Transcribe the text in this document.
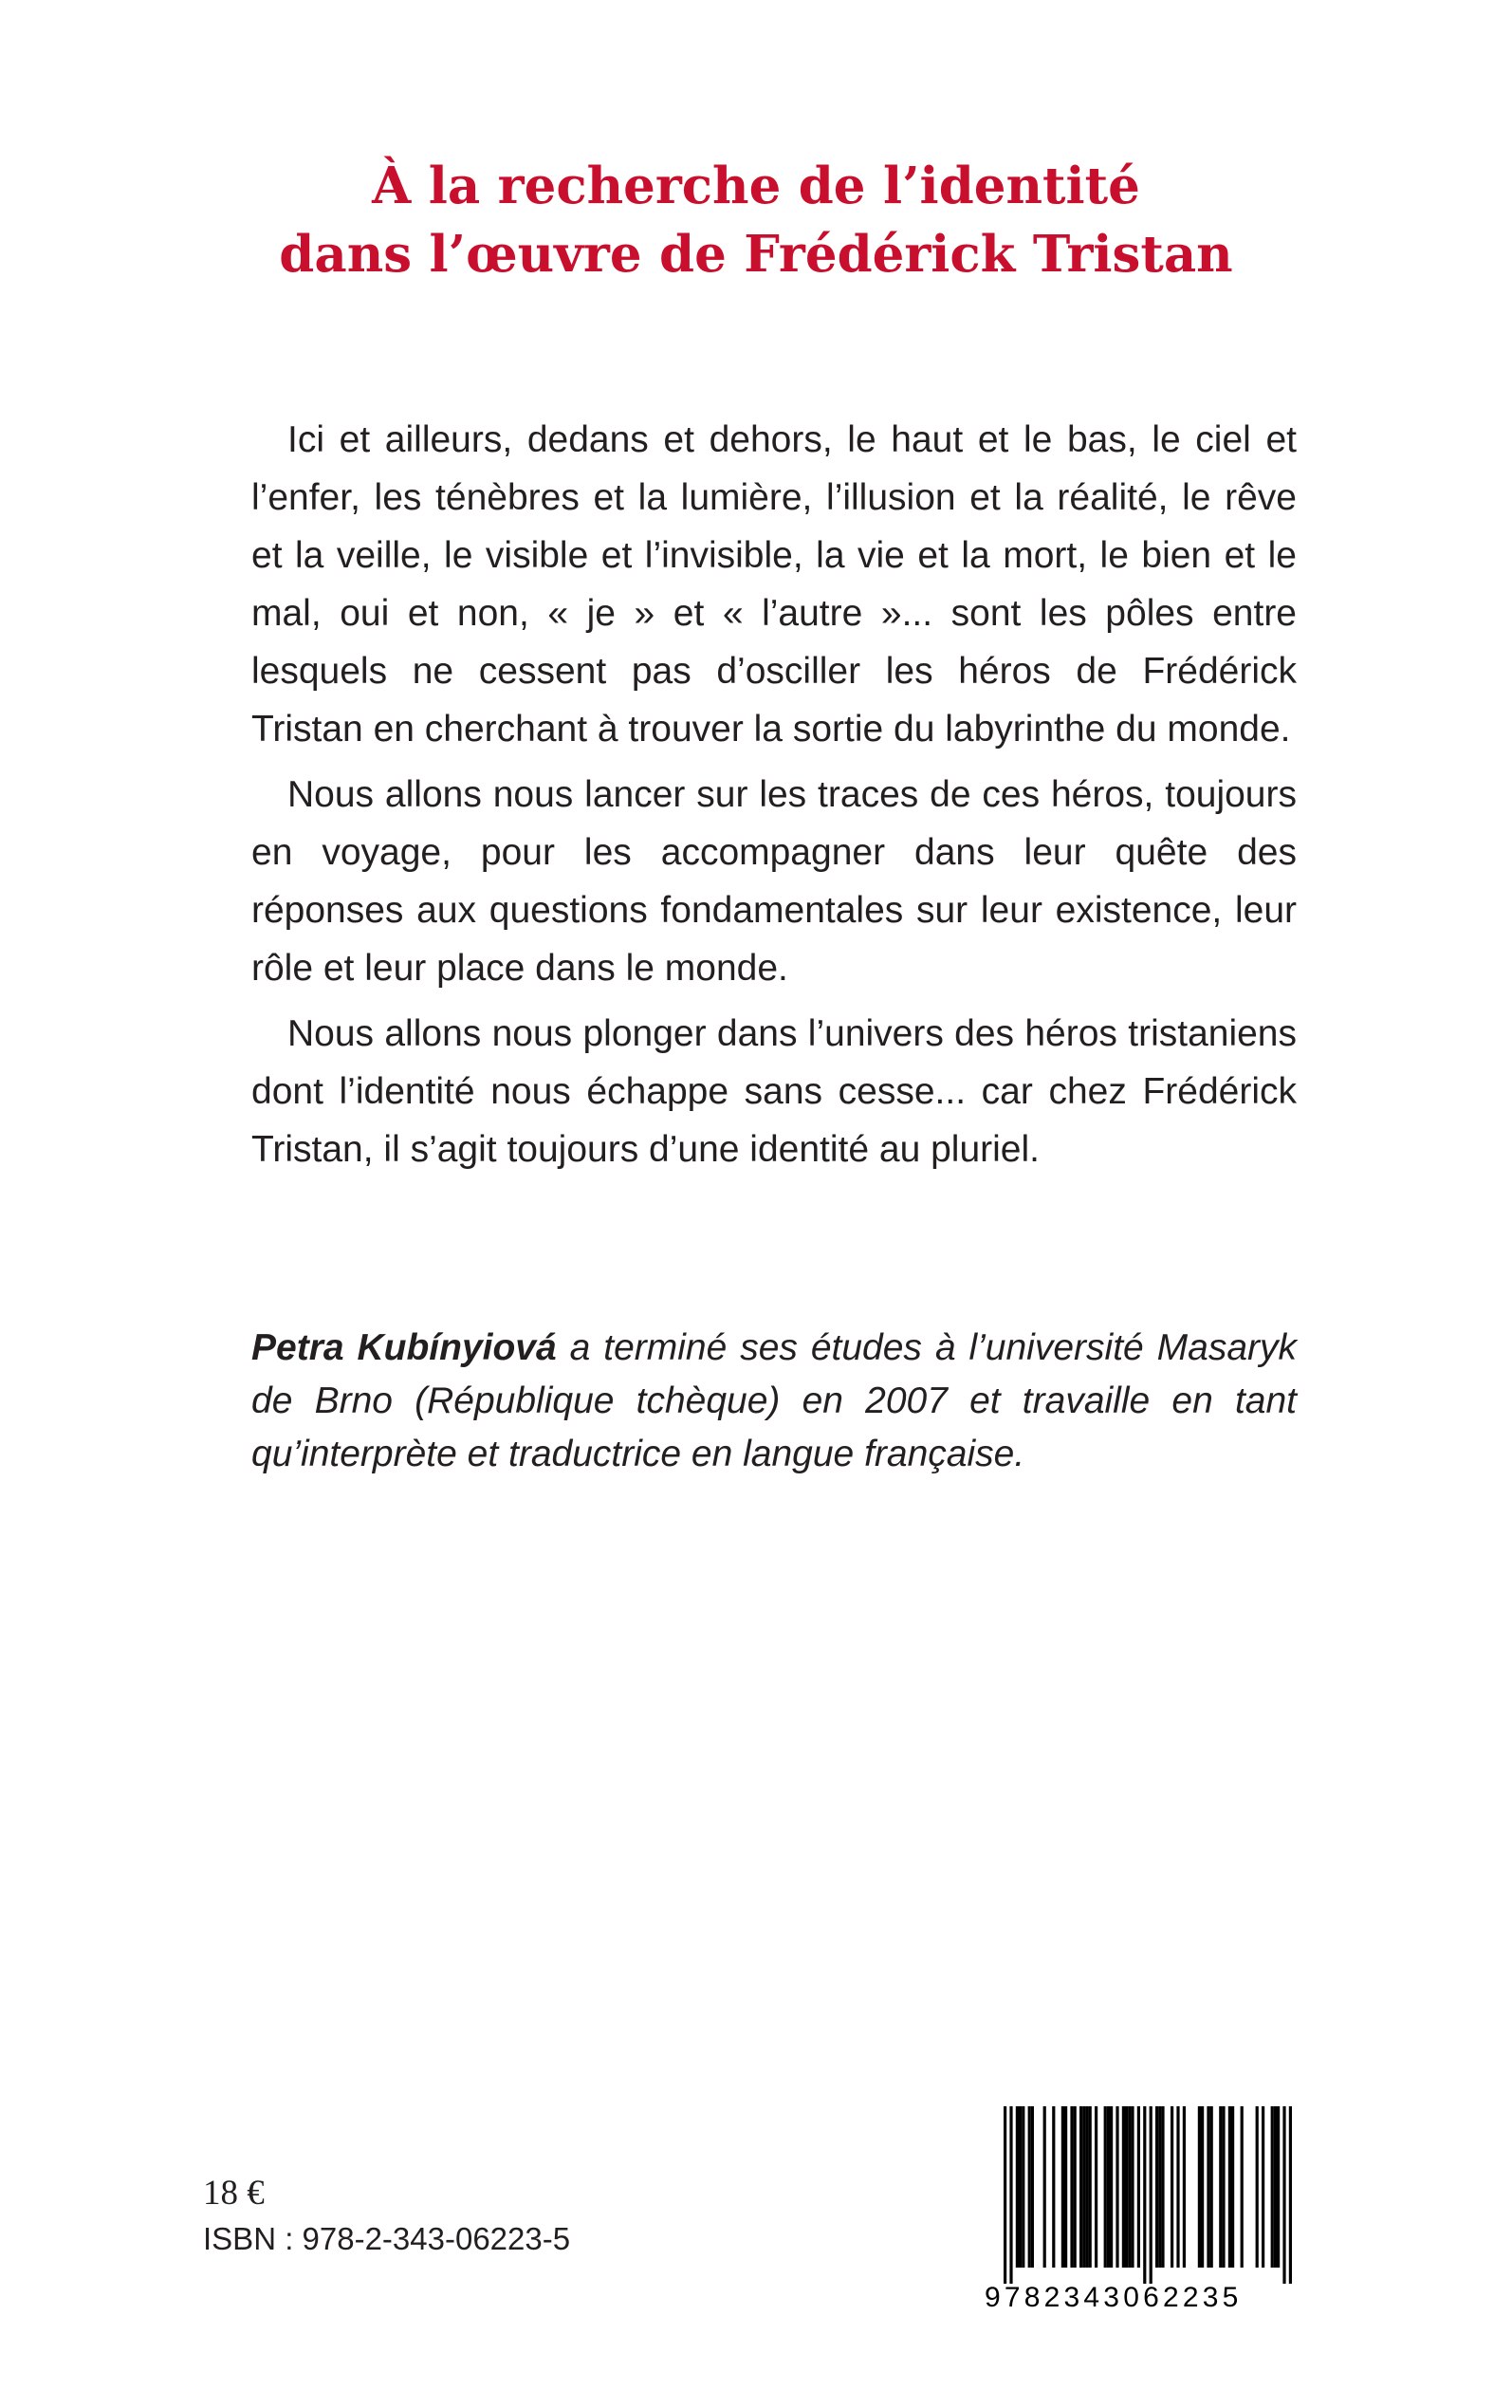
À la recherche de l’identité
dans l’œuvre de Frédérick Tristan

Ici et ailleurs, dedans et dehors, le haut et le bas, le ciel et l’enfer, les ténèbres et la lumière, l’illusion et la réalité, le rêve et la veille, le visible et l’invisible, la vie et la mort, le bien et le mal, oui et non, « je » et « l’autre »... sont les pôles entre lesquels ne cessent pas d’osciller les héros de Frédérick Tristan en cherchant à trouver la sortie du labyrinthe du monde.

Nous allons nous lancer sur les traces de ces héros, toujours en voyage, pour les accompagner dans leur quête des réponses aux questions fondamentales sur leur existence, leur rôle et leur place dans le monde.

Nous allons nous plonger dans l’univers des héros tristaniens dont l’identité nous échappe sans cesse... car chez Frédérick Tristan, il s’agit toujours d’une identité au pluriel.

Petra Kubínyiová a terminé ses études à l’université Masaryk de Brno (République tchèque) en 2007 et travaille en tant qu’interprète et traductrice en langue française.

18 €
ISBN : 978-2-343-06223-5
9782343062235
